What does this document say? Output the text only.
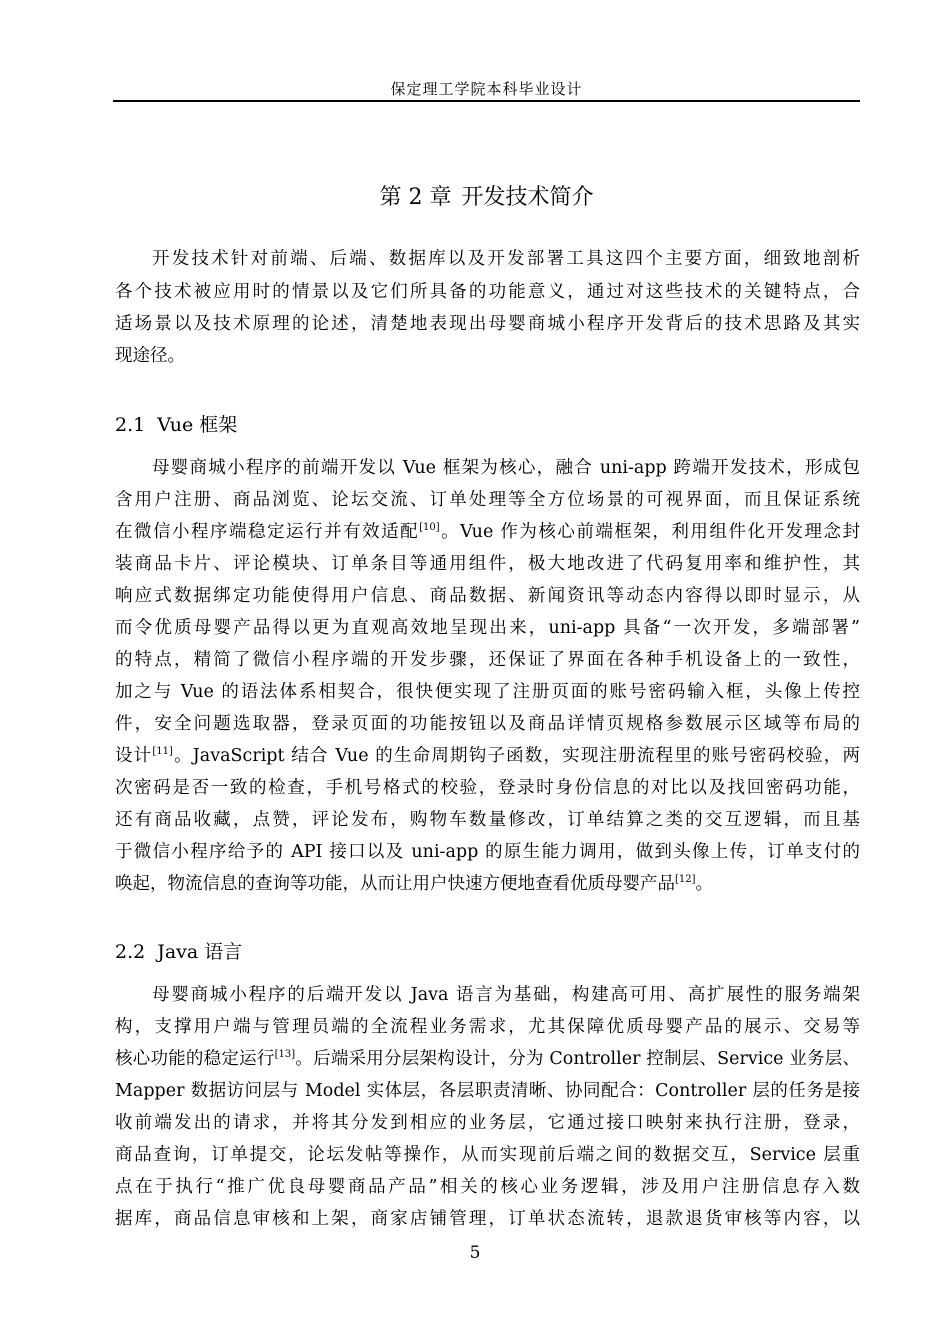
保定理工学院本科毕业设计
第 2 章 开发技术简介
开发技术针对前端、后端、数据库以及开发部署工具这四个主要方面，细致地剖析
各个技术被应用时的情景以及它们所具备的功能意义，通过对这些技术的关键特点，合
适场景以及技术原理的论述，清楚地表现出母婴商城小程序开发背后的技术思路及其实
现途径。
2.1 Vue 框架
母婴商城小程序的前端开发以 Vue 框架为核心，融合 uni-app 跨端开发技术，形成包
含用户注册、商品浏览、论坛交流、订单处理等全方位场景的可视界面，而且保证系统
在微信小程序端稳定运行并有效适配[10]。Vue 作为核心前端框架，利用组件化开发理念封
装商品卡片、评论模块、订单条目等通用组件，极大地改进了代码复用率和维护性，其
响应式数据绑定功能使得用户信息、商品数据、新闻资讯等动态内容得以即时显示，从
而令优质母婴产品得以更为直观高效地呈现出来，uni-app 具备“一次开发，多端部署”
的特点，精简了微信小程序端的开发步骤，还保证了界面在各种手机设备上的一致性，
加之与 Vue 的语法体系相契合，很快便实现了注册页面的账号密码输入框，头像上传控
件，安全问题选取器，登录页面的功能按钮以及商品详情页规格参数展示区域等布局的
设计[11]。JavaScript 结合 Vue 的生命周期钩子函数，实现注册流程里的账号密码校验，两
次密码是否一致的检查，手机号格式的校验，登录时身份信息的对比以及找回密码功能，
还有商品收藏，点赞，评论发布，购物车数量修改，订单结算之类的交互逻辑，而且基
于微信小程序给予的 API 接口以及 uni-app 的原生能力调用，做到头像上传，订单支付的
唤起，物流信息的查询等功能，从而让用户快速方便地查看优质母婴产品[12]。
2.2 Java 语言
母婴商城小程序的后端开发以 Java 语言为基础，构建高可用、高扩展性的服务端架
构，支撑用户端与管理员端的全流程业务需求，尤其保障优质母婴产品的展示、交易等
核心功能的稳定运行[13]。后端采用分层架构设计，分为 Controller 控制层、Service 业务层、
Mapper 数据访问层与 Model 实体层，各层职责清晰、协同配合：Controller 层的任务是接
收前端发出的请求，并将其分发到相应的业务层，它通过接口映射来执行注册，登录，
商品查询，订单提交，论坛发帖等操作，从而实现前后端之间的数据交互，Service 层重
点在于执行“推广优良母婴商品产品”相关的核心业务逻辑，涉及用户注册信息存入数
据库，商品信息审核和上架，商家店铺管理，订单状态流转，退款退货审核等内容，以
5
